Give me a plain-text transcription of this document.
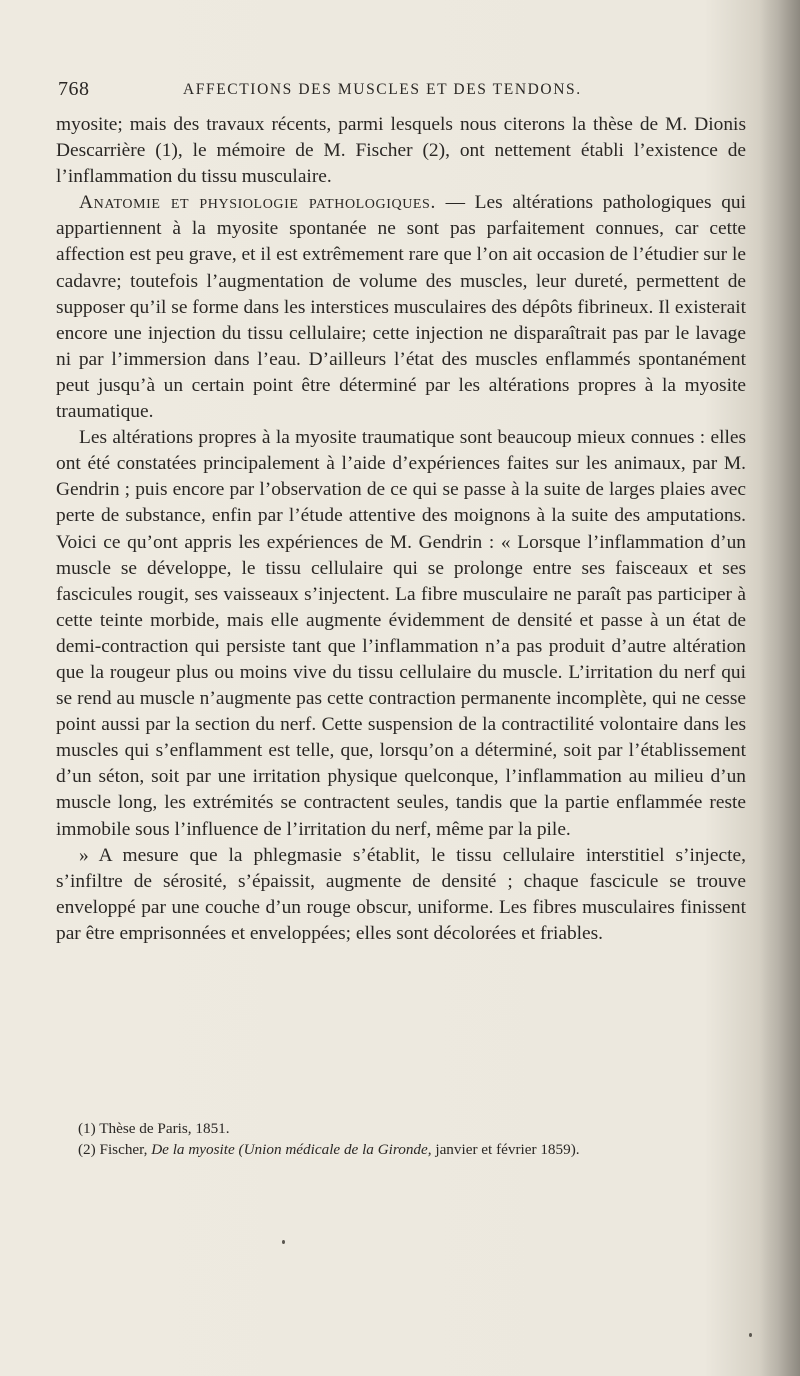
768	AFFECTIONS DES MUSCLES ET DES TENDONS.

myosite; mais des travaux récents, parmi lesquels nous citerons la thèse de M. Dionis Descarrière (1), le mémoire de M. Fischer (2), ont nettement établi l’existence de l’inflammation du tissu musculaire.

Anatomie et physiologie pathologiques. — Les altérations pathologiques qui appartiennent à la myosite spontanée ne sont pas parfaitement connues, car cette affection est peu grave, et il est extrêmement rare que l’on ait occasion de l’étudier sur le cadavre; toutefois l’augmentation de volume des muscles, leur dureté, permettent de supposer qu’il se forme dans les interstices musculaires des dépôts fibrineux. Il existerait encore une injection du tissu cellulaire; cette injection ne disparaîtrait pas par le lavage ni par l’immersion dans l’eau. D’ailleurs l’état des muscles enflammés spontanément peut jusqu’à un certain point être déterminé par les altérations propres à la myosite traumatique.

Les altérations propres à la myosite traumatique sont beaucoup mieux connues : elles ont été constatées principalement à l’aide d’expériences faites sur les animaux, par M. Gendrin ; puis encore par l’observation de ce qui se passe à la suite de larges plaies avec perte de substance, enfin par l’étude attentive des moignons à la suite des amputations. Voici ce qu’ont appris les expériences de M. Gendrin : « Lorsque l’inflammation d’un muscle se développe, le tissu cellulaire qui se prolonge entre ses faisceaux et ses fascicules rougit, ses vaisseaux s’injectent. La fibre musculaire ne paraît pas participer à cette teinte morbide, mais elle augmente évidemment de densité et passe à un état de demi-contraction qui persiste tant que l’inflammation n’a pas produit d’autre altération que la rougeur plus ou moins vive du tissu cellulaire du muscle. L’irritation du nerf qui se rend au muscle n’augmente pas cette contraction permanente incomplète, qui ne cesse point aussi par la section du nerf. Cette suspension de la contractilité volontaire dans les muscles qui s’enflamment est telle, que, lorsqu’on a déterminé, soit par l’établissement d’un séton, soit par une irritation physique quelconque, l’inflammation au milieu d’un muscle long, les extrémités se contractent seules, tandis que la partie enflammée reste immobile sous l’influence de l’irritation du nerf, même par la pile.

» A mesure que la phlegmasie s’établit, le tissu cellulaire interstitiel s’injecte, s’infiltre de sérosité, s’épaissit, augmente de densité ; chaque fascicule se trouve enveloppé par une couche d’un rouge obscur, uniforme. Les fibres musculaires finissent par être emprisonnées et enveloppées; elles sont décolorées et friables.

(1) Thèse de Paris, 1851.
(2) Fischer, De la myosite (Union médicale de la Gironde, janvier et février 1859).
